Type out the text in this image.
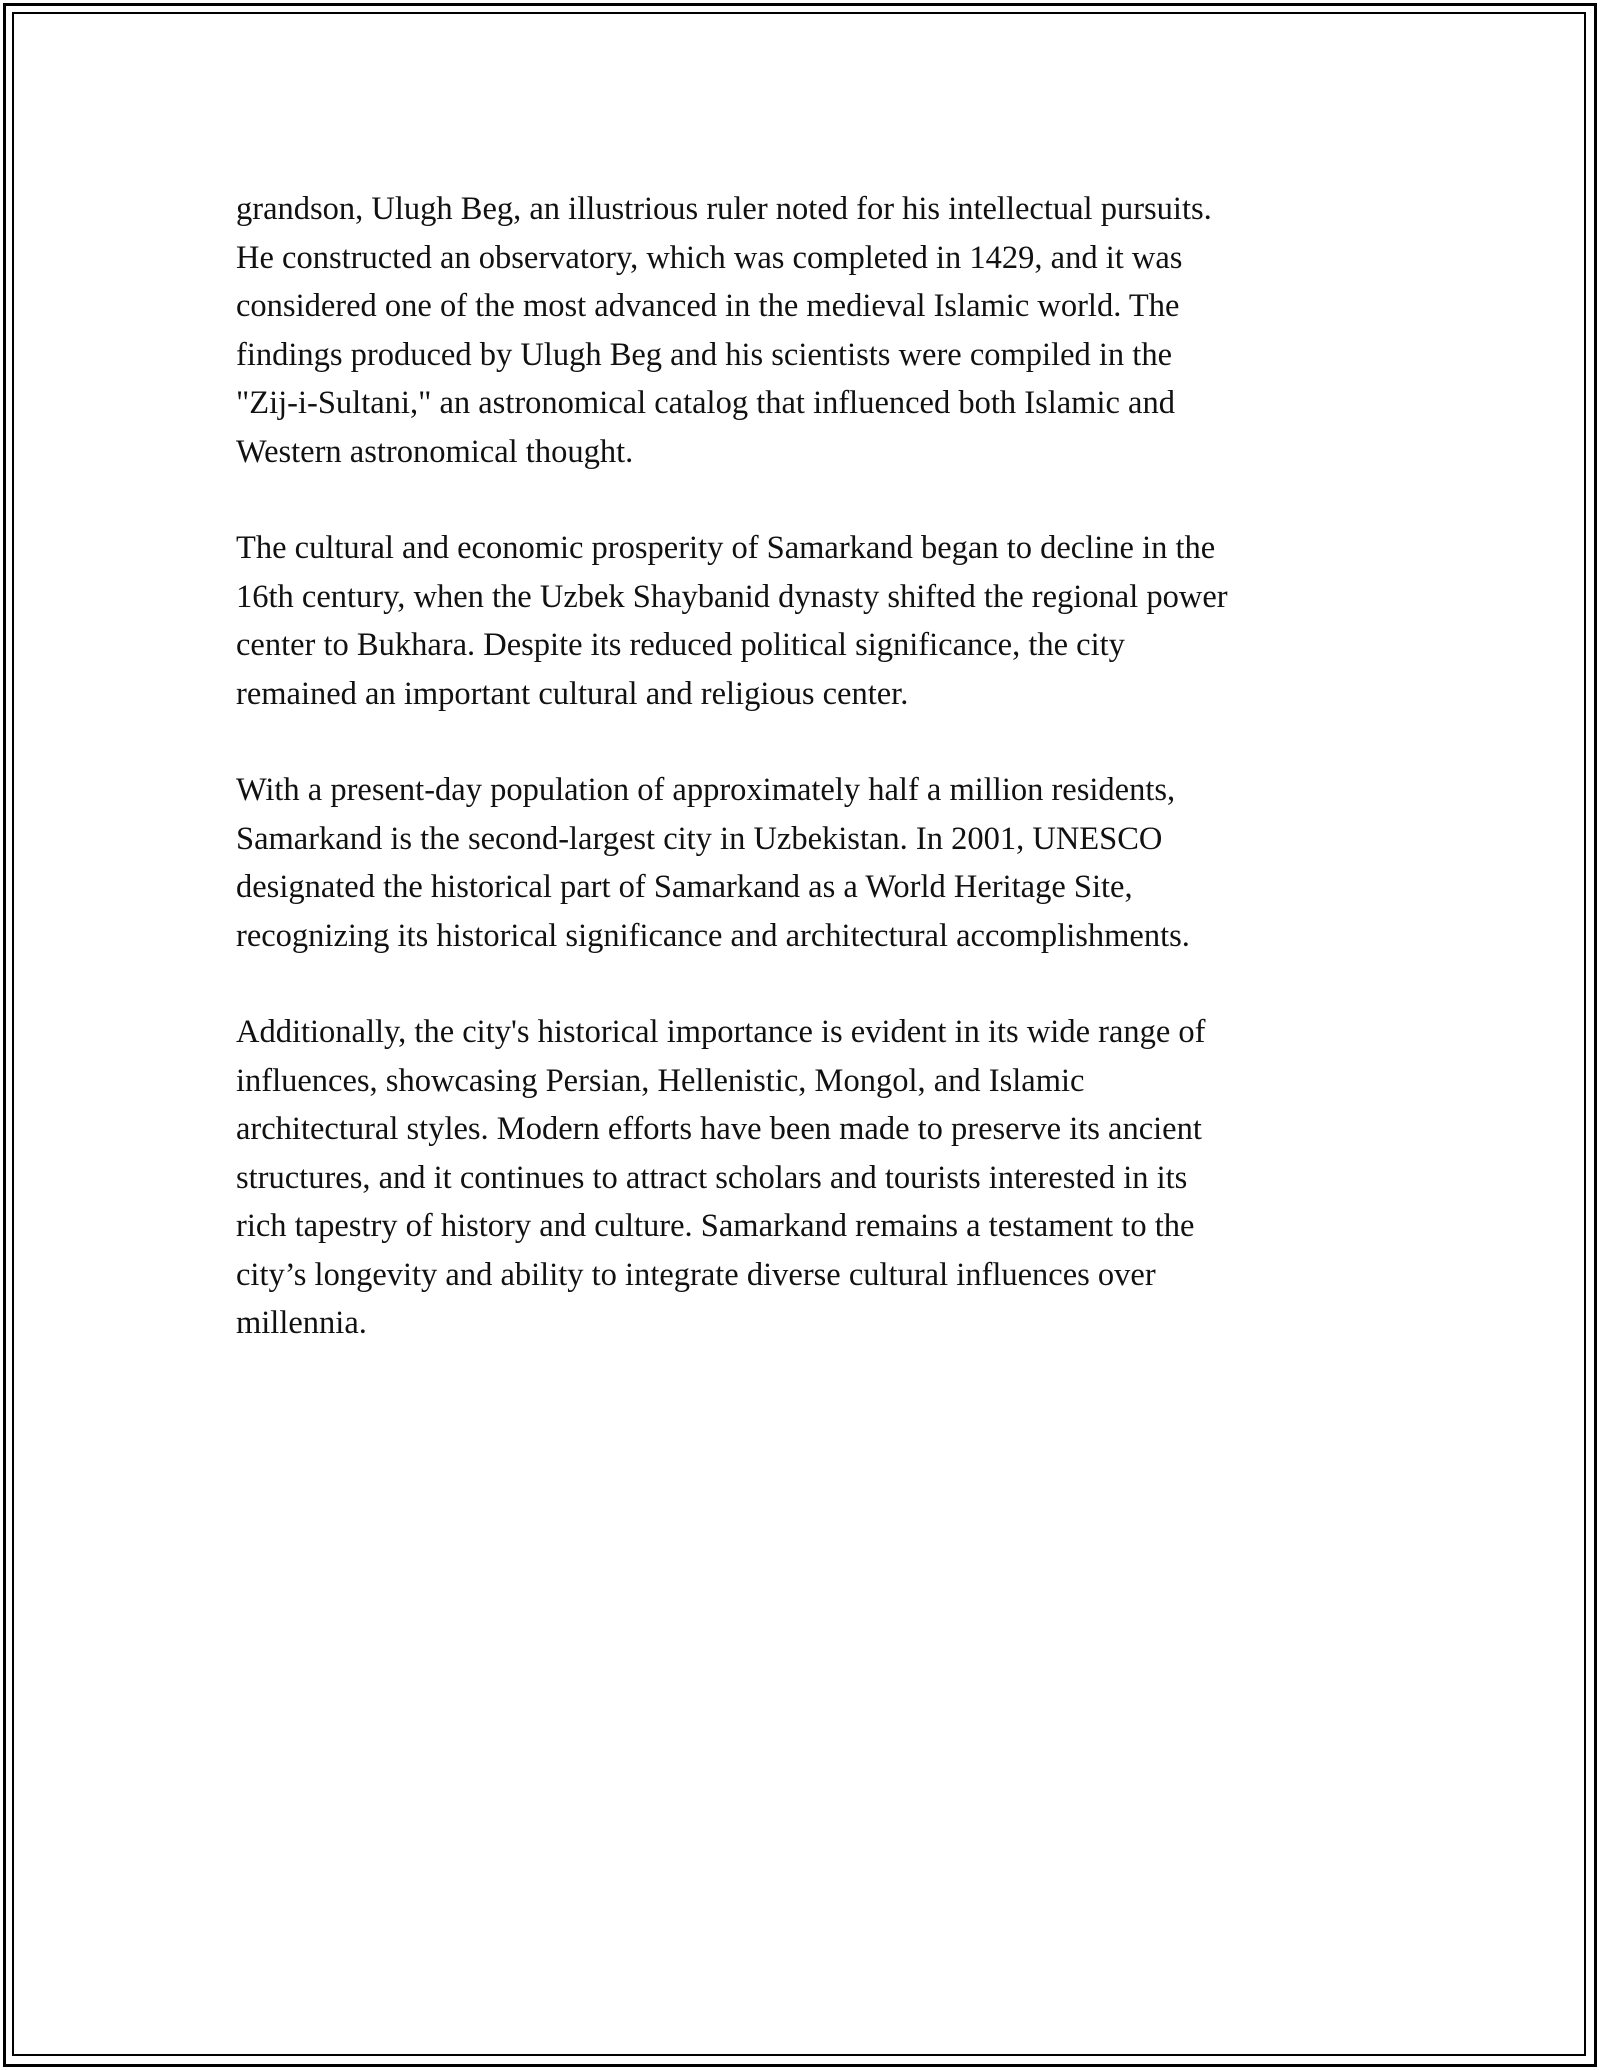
grandson, Ulugh Beg, an illustrious ruler noted for his intellectual pursuits.
He constructed an observatory, which was completed in 1429, and it was
considered one of the most advanced in the medieval Islamic world. The
findings produced by Ulugh Beg and his scientists were compiled in the
"Zij-i-Sultani," an astronomical catalog that influenced both Islamic and
Western astronomical thought.

The cultural and economic prosperity of Samarkand began to decline in the
16th century, when the Uzbek Shaybanid dynasty shifted the regional power
center to Bukhara. Despite its reduced political significance, the city
remained an important cultural and religious center.

With a present-day population of approximately half a million residents,
Samarkand is the second-largest city in Uzbekistan. In 2001, UNESCO
designated the historical part of Samarkand as a World Heritage Site,
recognizing its historical significance and architectural accomplishments.

Additionally, the city's historical importance is evident in its wide range of
influences, showcasing Persian, Hellenistic, Mongol, and Islamic
architectural styles. Modern efforts have been made to preserve its ancient
structures, and it continues to attract scholars and tourists interested in its
rich tapestry of history and culture. Samarkand remains a testament to the
city’s longevity and ability to integrate diverse cultural influences over
millennia.
